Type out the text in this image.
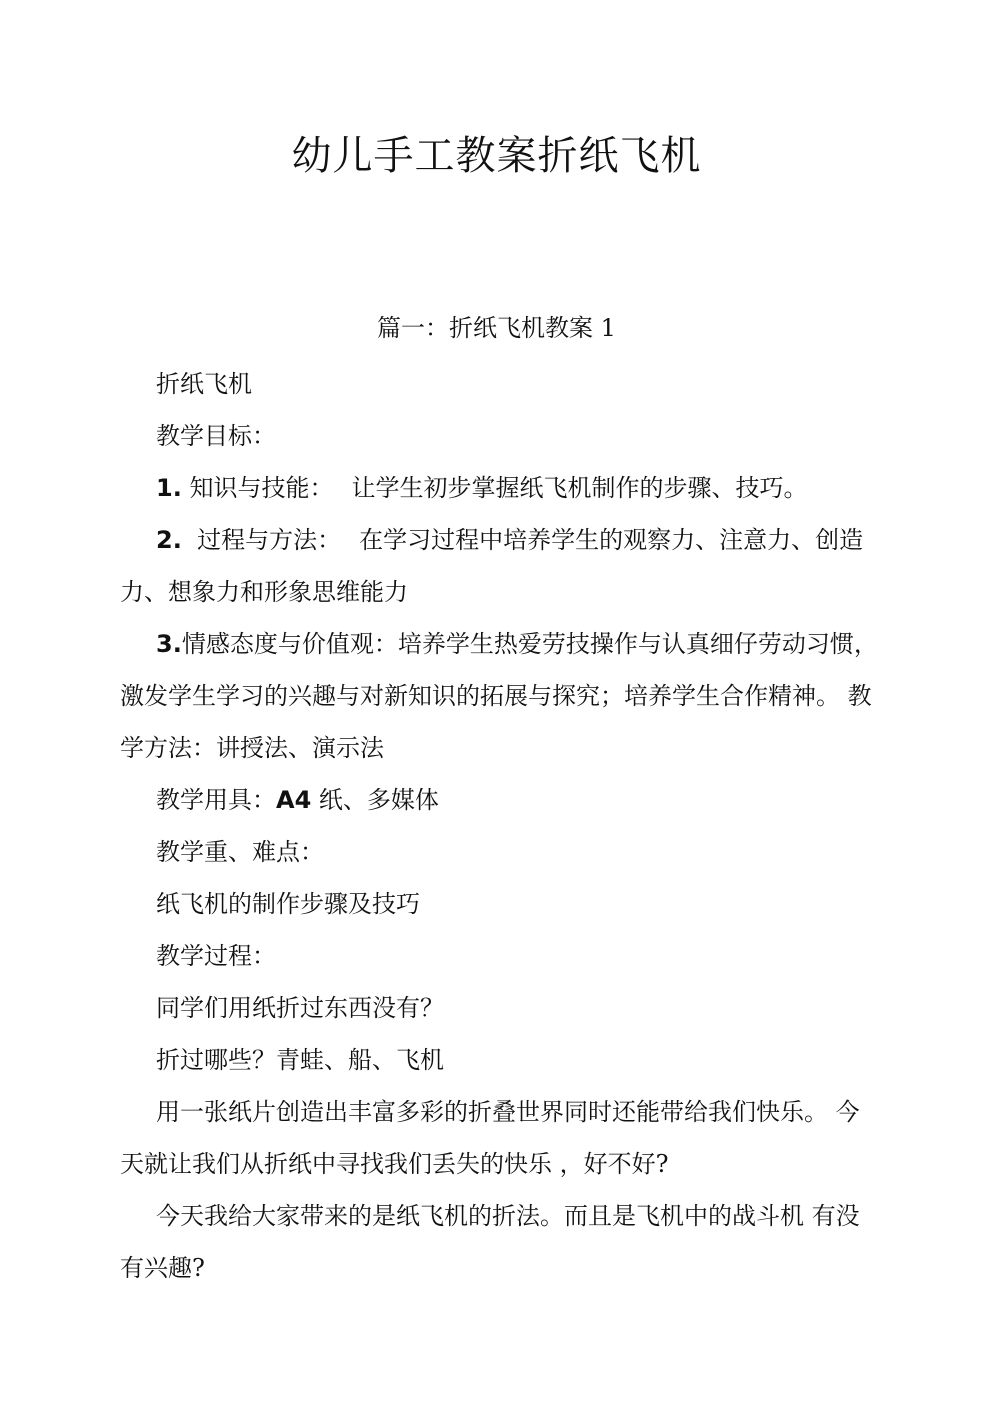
幼儿手工教案折纸飞机
篇一：折纸飞机教案 1

折纸飞机

教学目标：

1. 知识与技能： 让学生初步掌握纸飞机制作的步骤、技巧。

2. 过程与方法： 在学习过程中培养学生的观察力、注意力、创造力、想象力和形象思维能力

3.情感态度与价值观：培养学生热爱劳技操作与认真细仔劳动习惯，激发学生学习的兴趣与对新知识的拓展与探究；培养学生合作精神。 教学方法：讲授法、演示法

教学用具：A4 纸、多媒体

教学重、难点：

纸飞机的制作步骤及技巧

教学过程：

同学们用纸折过东西没有？

折过哪些？青蛙、船、飞机

用一张纸片创造出丰富多彩的折叠世界同时还能带给我们快乐。 今天就让我们从折纸中寻找我们丢失的快乐 ，好不好?

今天我给大家带来的是纸飞机的折法。而且是飞机中的战斗机 有没有兴趣?
